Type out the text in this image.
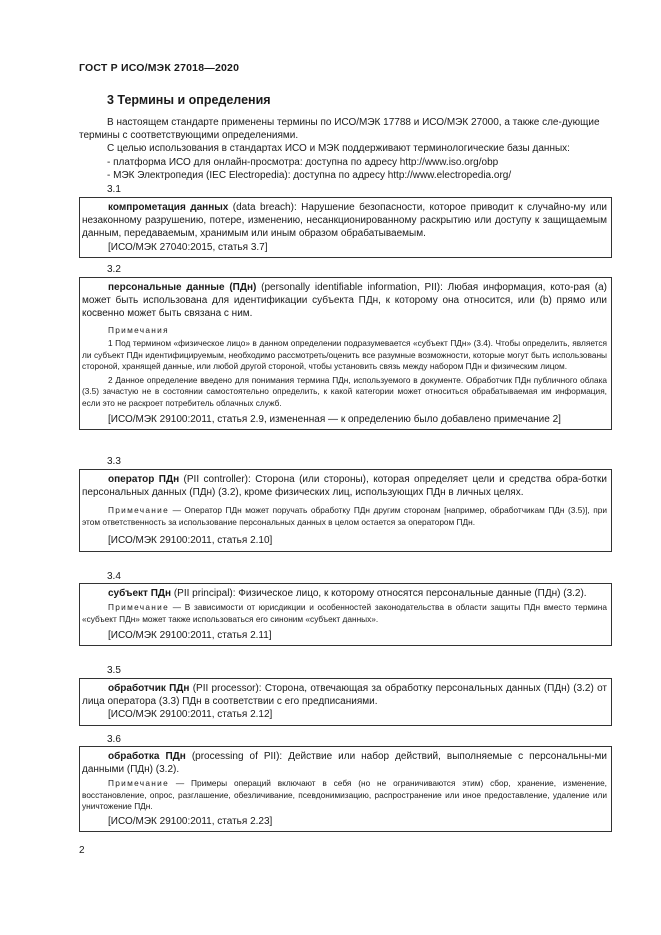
ГОСТ Р ИСО/МЭК 27018—2020
3 Термины и определения

В настоящем стандарте применены термины по ИСО/МЭК 17788 и ИСО/МЭК 27000, а также сле-дующие термины с соответствующими определениями.

С целью использования в стандартах ИСО и МЭК поддерживают терминологические базы данных:

- платформа ИСО для онлайн-просмотра: доступна по адресу http://www.iso.org/obp

- МЭК Электропедия (IEC Electropedia): доступна по адресу http://www.electropedia.org/

3.1

компрометация данных (data breach): Нарушение безопасности, которое приводит к случайно-му или незаконному разрушению, потере, изменению, несанкционированному раскрытию или доступу к защищаемым данным, передаваемым, хранимым или иным образом обрабатываемым.

[ИСО/МЭК 27040:2015, статья 3.7]

3.2

персональные данные (ПДн) (personally identifiable information, PII): Любая информация, кото-рая (a) может быть использована для идентификации субъекта ПДн, к которому она относится, или (b) прямо или косвенно может быть связана с ним.

Примечания

1 Под термином «физическое лицо» в данном определении подразумевается «субъект ПДн» (3.4). Чтобы определить, является ли субъект ПДн идентифицируемым, необходимо рассмотреть/оценить все разумные возможности, которые могут быть использованы стороной, хранящей данные, или любой другой стороной, чтобы установить связь между набором ПДн и физическим лицом.

2 Данное определение введено для понимания термина ПДн, используемого в документе. Обработчик ПДн публичного облака (3.5) зачастую не в состоянии самостоятельно определить, к какой категории может относиться обрабатываемая им информация, если это не раскроет потребитель облачных служб.

[ИСО/МЭК 29100:2011, статья 2.9, измененная — к определению было добавлено примечание 2]

3.3

оператор ПДн (PII controller): Сторона (или стороны), которая определяет цели и средства обра-ботки персональных данных (ПДн) (3.2), кроме физических лиц, использующих ПДн в личных целях.

Примечание — Оператор ПДн может поручать обработку ПДн другим сторонам [например, обработчикам ПДн (3.5)], при этом ответственность за использование персональных данных в целом остается за оператором ПДн.

[ИСО/МЭК 29100:2011, статья 2.10]

3.4

субъект ПДн (PII principal): Физическое лицо, к которому относятся персональные данные (ПДн) (3.2).

Примечание — В зависимости от юрисдикции и особенностей законодательства в области защиты ПДн вместо термина «субъект ПДн» может также использоваться его синоним «субъект данных».

[ИСО/МЭК 29100:2011, статья 2.11]

3.5

обработчик ПДн (PII processor): Сторона, отвечающая за обработку персональных данных (ПДн) (3.2) от лица оператора (3.3) ПДн в соответствии с его предписаниями.

[ИСО/МЭК 29100:2011, статья 2.12]

3.6

обработка ПДн (processing of PII): Действие или набор действий, выполняемые с персональны-ми данными (ПДн) (3.2).

Примечание — Примеры операций включают в себя (но не ограничиваются этим) сбор, хранение, изменение, восстановление, опрос, разглашение, обезличивание, псевдонимизацию, распространение или иное предоставление, удаление или уничтожение ПДн.

[ИСО/МЭК 29100:2011, статья 2.23]

2
